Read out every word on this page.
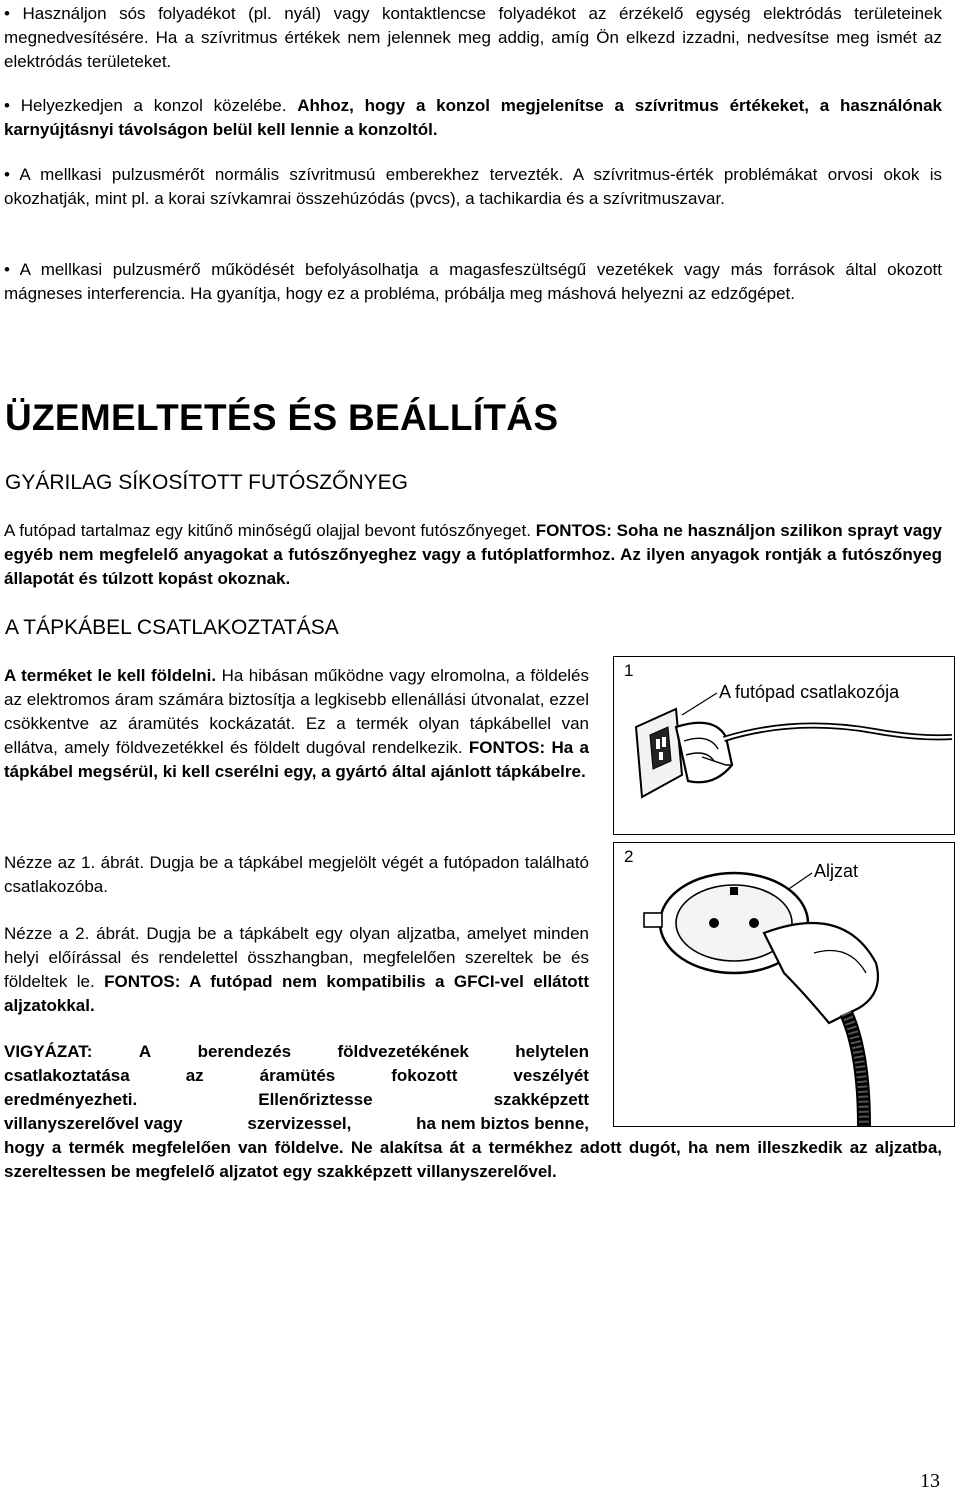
• Használjon sós folyadékot (pl. nyál) vagy kontaktlencse folyadékot az érzékelő egység elektródás területeinek megnedvesítésére. Ha a szívritmus értékek nem jelennek meg addig, amíg Ön elkezd izzadni, nedvesítse meg ismét az elektródás területeket.

• Helyezkedjen a konzol közelébe. Ahhoz, hogy a konzol megjelenítse a szívritmus értékeket, a használónak karnyújtásnyi távolságon belül kell lennie a konzoltól.

• A mellkasi pulzusmérőt normális szívritmusú emberekhez tervezték. A szívritmus-érték problémákat orvosi okok is okozhatják, mint pl. a korai szívkamrai összehúzódás (pvcs), a tachikardia és a szívritmuszavar.

• A mellkasi pulzusmérő működését befolyásolhatja a magasfeszültségű vezetékek vagy más források által okozott mágneses interferencia. Ha gyanítja, hogy ez a probléma, próbálja meg máshová helyezni az edzőgépet.

ÜZEMELTETÉS ÉS BEÁLLÍTÁS
GYÁRILAG SÍKOSÍTOTT FUTÓSZŐNYEG

A futópad tartalmaz egy kitűnő minőségű olajjal bevont futószőnyeget. FONTOS: Soha ne használjon szilikon sprayt vagy egyéb nem megfelelő anyagokat a futószőnyeghez vagy a futóplatformhoz. Az ilyen anyagok rontják a futószőnyeg állapotát és túlzott kopást okoznak.

A TÁPKÁBEL CSATLAKOZTATÁSA

A terméket le kell földelni. Ha hibásan működne vagy elromolna, a földelés az elektromos áram számára biztosítja a legkisebb ellenállási útvonalat, ezzel csökkentve az áramütés kockázatát. Ez a termék olyan tápkábellel van ellátva, amely földvezetékkel és földelt dugóval rendelkezik. FONTOS: Ha a tápkábel megsérül, ki kell cserélni egy, a gyártó által ajánlott tápkábelre.

Nézze az 1. ábrát. Dugja be a tápkábel megjelölt végét a futópadon található csatlakozóba.

Nézze a 2. ábrát. Dugja be a tápkábelt egy olyan aljzatba, amelyet minden helyi előírással és rendelettel összhangban, megfelelően szereltek be és földeltek le. FONTOS: A futópad nem kompatibilis a GFCI-vel ellátott aljzatokkal.

VIGYÁZAT:	A	berendezés	földvezetékének	helytelen
csatlakoztatása	az	áramütés	fokozott	veszélyét
eredményezheti.	Ellenőriztesse	szakképzett
villanyszerelővel vagy	szervizessel,	ha nem biztos benne,

hogy a termék megfelelően van földelve. Ne alakítsa át a termékhez adott dugót, ha nem illeszkedik az aljzatba, szereltessen be megfelelő aljzatot egy szakképzett villanyszerelővel.

1
A futópad csatlakozója
2
Aljzat
13
